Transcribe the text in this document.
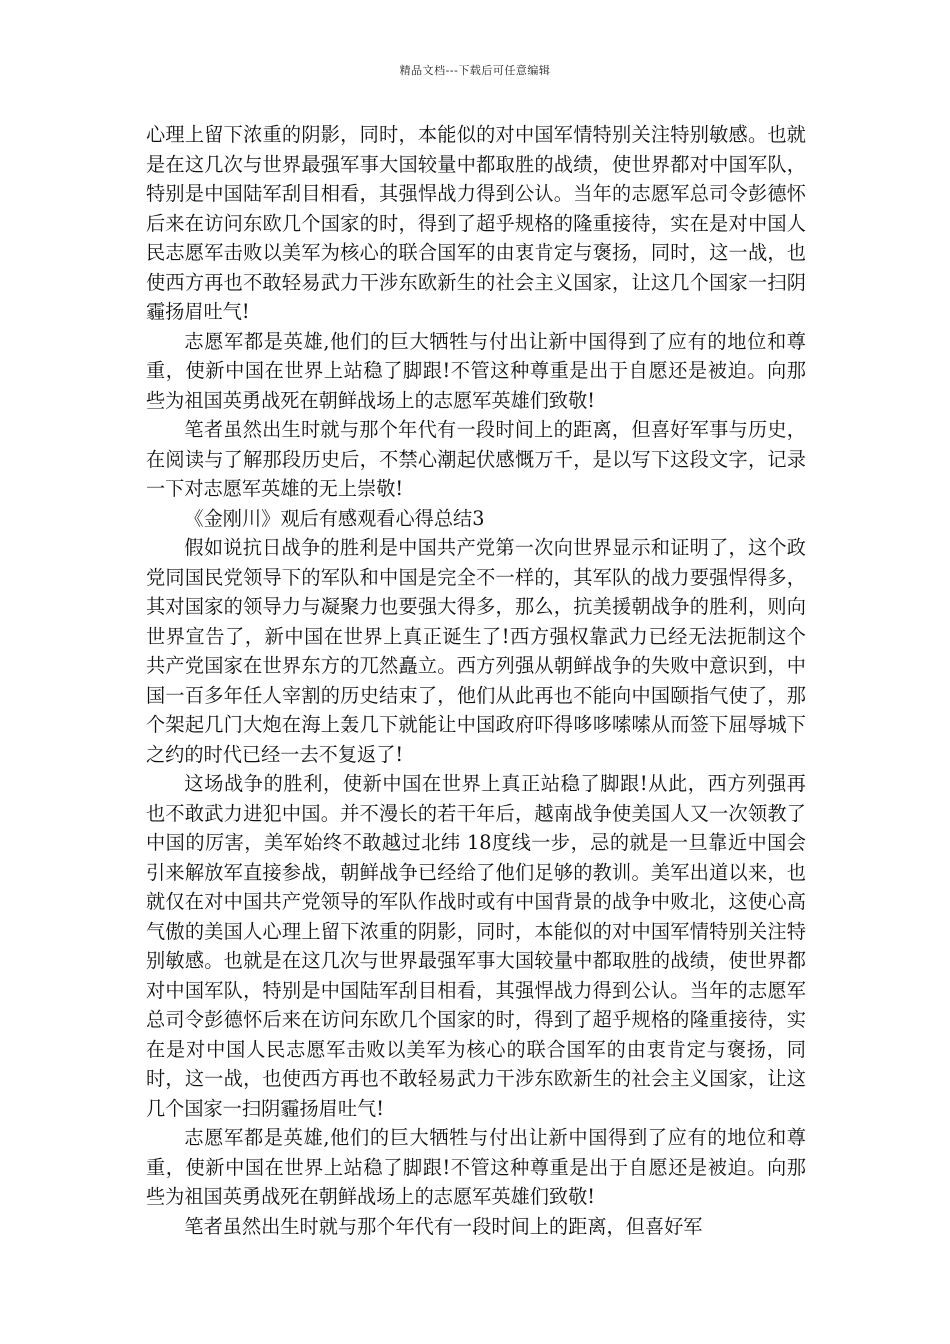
精品文档---下载后可任意编辑

心理上留下浓重的阴影，同时，本能似的对中国军情特别关注特别敏感。也就是在这几次与世界最强军事大国较量中都取胜的战绩，使世界都对中国军队，特别是中国陆军刮目相看，其强悍战力得到公认。当年的志愿军总司令彭德怀后来在访问东欧几个国家的时，得到了超乎规格的隆重接待，实在是对中国人民志愿军击败以美军为核心的联合国军的由衷肯定与褒扬，同时，这一战，也使西方再也不敢轻易武力干涉东欧新生的社会主义国家，让这几个国家一扫阴霾扬眉吐气!

志愿军都是英雄,他们的巨大牺牲与付出让新中国得到了应有的地位和尊重，使新中国在世界上站稳了脚跟!不管这种尊重是出于自愿还是被迫。向那些为祖国英勇战死在朝鲜战场上的志愿军英雄们致敬!

笔者虽然出生时就与那个年代有一段时间上的距离，但喜好军事与历史，在阅读与了解那段历史后，不禁心潮起伏感慨万千，是以写下这段文字，记录一下对志愿军英雄的无上崇敬!

《金刚川》观后有感观看心得总结3

假如说抗日战争的胜利是中国共产党第一次向世界显示和证明了，这个政党同国民党领导下的军队和中国是完全不一样的，其军队的战力要强悍得多，其对国家的领导力与凝聚力也要强大得多，那么，抗美援朝战争的胜利，则向世界宣告了，新中国在世界上真正诞生了!西方强权靠武力已经无法扼制这个共产党国家在世界东方的兀然矗立。西方列强从朝鲜战争的失败中意识到，中国一百多年任人宰割的历史结束了，他们从此再也不能向中国颐指气使了，那个架起几门大炮在海上轰几下就能让中国政府吓得哆哆嗦嗦从而签下屈辱城下之约的时代已经一去不复返了!

这场战争的胜利，使新中国在世界上真正站稳了脚跟!从此，西方列强再也不敢武力进犯中国。并不漫长的若干年后，越南战争使美国人又一次领教了中国的厉害，美军始终不敢越过北纬 18度线一步，忌的就是一旦靠近中国会引来解放军直接参战，朝鲜战争已经给了他们足够的教训。美军出道以来，也就仅在对中国共产党领导的军队作战时或有中国背景的战争中败北，这使心高气傲的美国人心理上留下浓重的阴影，同时，本能似的对中国军情特别关注特别敏感。也就是在这几次与世界最强军事大国较量中都取胜的战绩，使世界都对中国军队，特别是中国陆军刮目相看，其强悍战力得到公认。当年的志愿军总司令彭德怀后来在访问东欧几个国家的时，得到了超乎规格的隆重接待，实在是对中国人民志愿军击败以美军为核心的联合国军的由衷肯定与褒扬，同时，这一战，也使西方再也不敢轻易武力干涉东欧新生的社会主义国家，让这几个国家一扫阴霾扬眉吐气!

志愿军都是英雄,他们的巨大牺牲与付出让新中国得到了应有的地位和尊重，使新中国在世界上站稳了脚跟!不管这种尊重是出于自愿还是被迫。向那些为祖国英勇战死在朝鲜战场上的志愿军英雄们致敬!

笔者虽然出生时就与那个年代有一段时间上的距离，但喜好军
